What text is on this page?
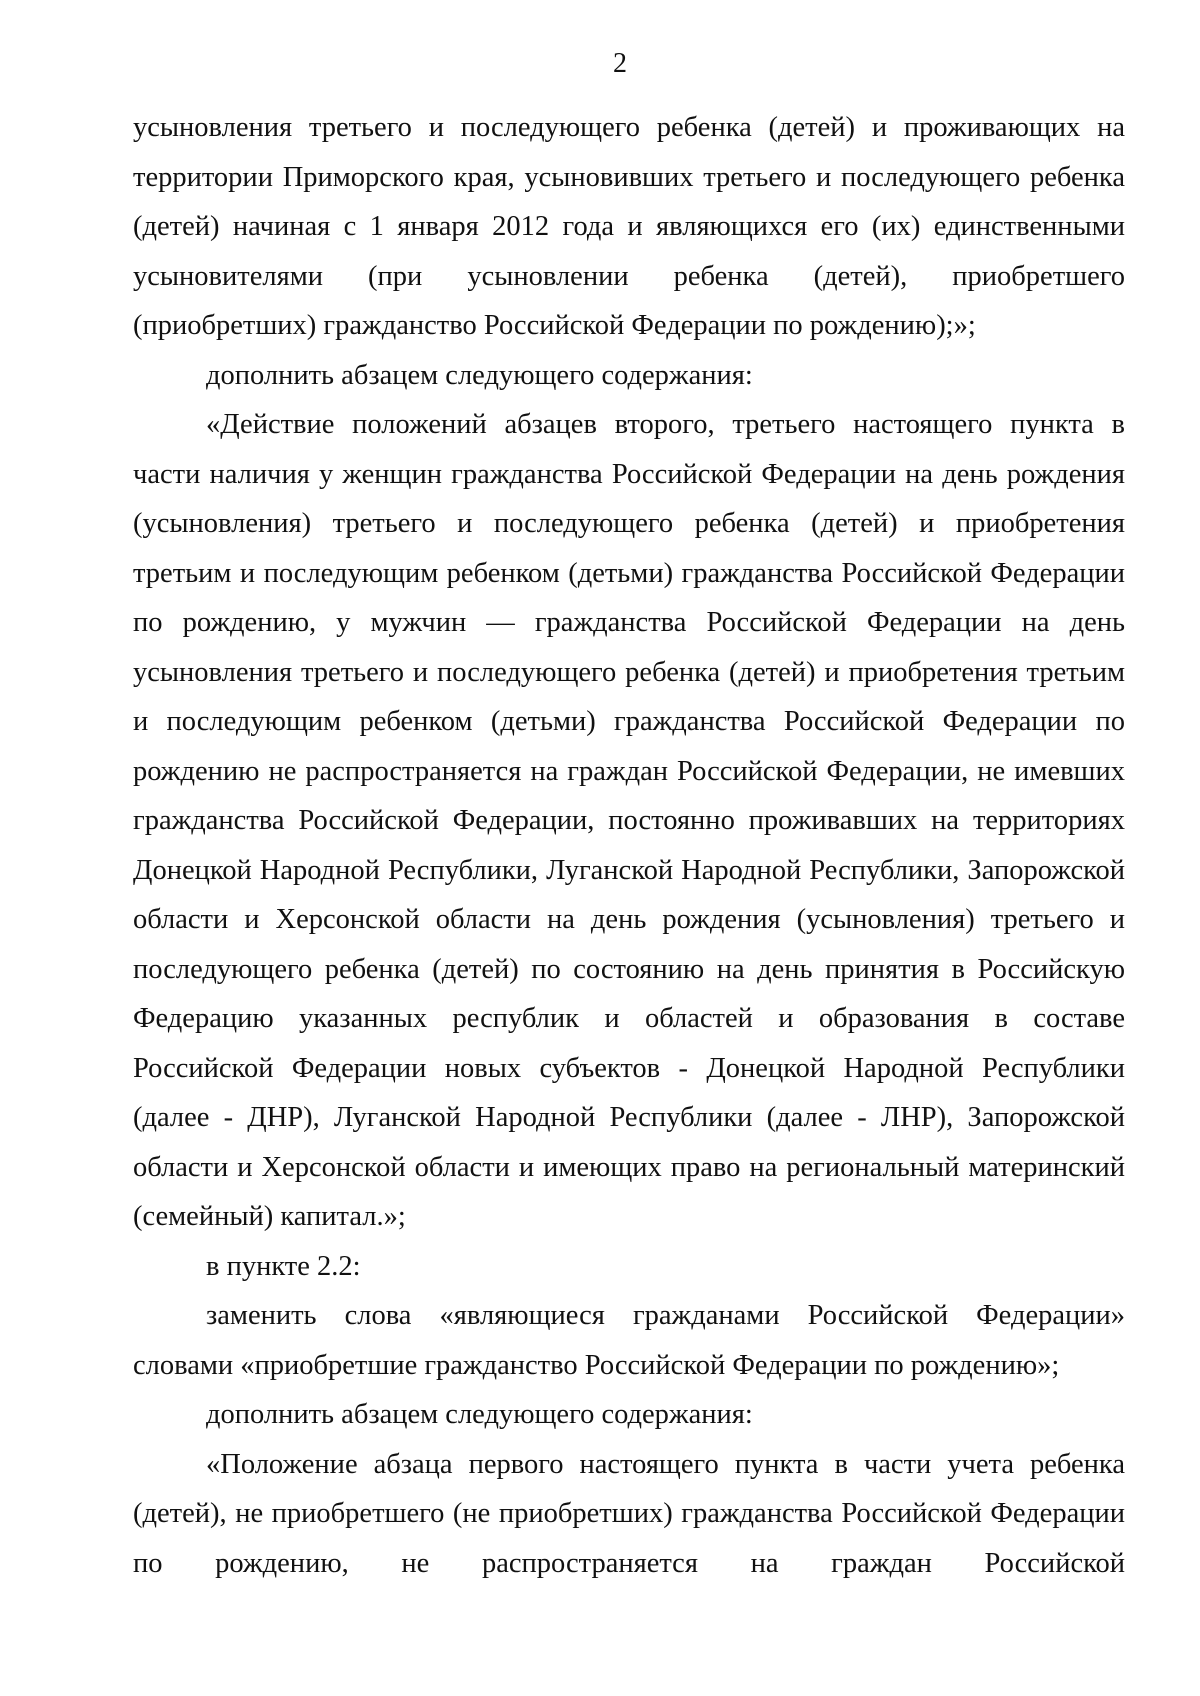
2

усыновления третьего и последующего ребенка (детей) и проживающих на территории Приморского края, усыновивших третьего и последующего ребенка (детей) начиная с 1 января 2012 года и являющихся его (их) единственными усыновителями (при усыновлении ребенка (детей), приобретшего (приобретших) гражданство Российской Федерации по рождению);»;

дополнить абзацем следующего содержания:

«Действие положений абзацев второго, третьего настоящего пункта в части наличия у женщин гражданства Российской Федерации на день рождения (усыновления) третьего и последующего ребенка (детей) и приобретения третьим и последующим ребенком (детьми) гражданства Российской Федерации по рождению, у мужчин — гражданства Российской Федерации на день усыновления третьего и последующего ребенка (детей) и приобретения третьим и последующим ребенком (детьми) гражданства Российской Федерации по рождению не распространяется на граждан Российской Федерации, не имевших гражданства Российской Федерации, постоянно проживавших на территориях Донецкой Народной Республики, Луганской Народной Республики, Запорожской области и Херсонской области на день рождения (усыновления) третьего и последующего ребенка (детей) по состоянию на день принятия в Российскую Федерацию указанных республик и областей и образования в составе Российской Федерации новых субъектов - Донецкой Народной Республики (далее - ДНР), Луганской Народной Республики (далее - ЛНР), Запорожской области и Херсонской области и имеющих право на региональный материнский (семейный) капитал.»;

в пункте 2.2:

заменить слова «являющиеся гражданами Российской Федерации» словами «приобретшие гражданство Российской Федерации по рождению»;

дополнить абзацем следующего содержания:

«Положение абзаца первого настоящего пункта в части учета ребенка (детей), не приобретшего (не приобретших) гражданства Российской Федерации по рождению, не распространяется на граждан Российской
